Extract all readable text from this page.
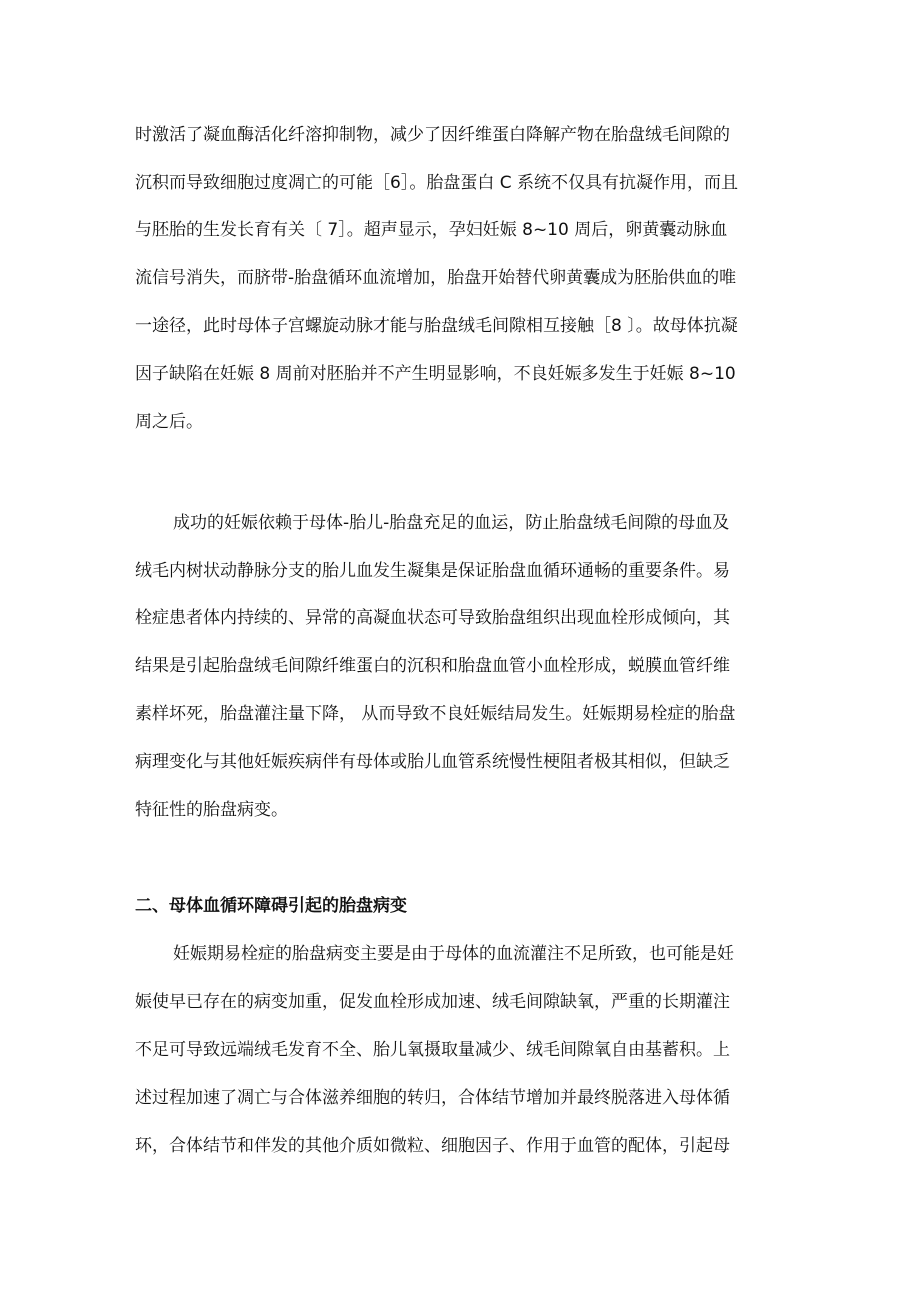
时激活了凝血酶活化纤溶抑制物，减少了因纤维蛋白降解产物在胎盘绒毛间隙的
沉积而导致细胞过度凋亡的可能［6］。胎盘蛋白 C 系统不仅具有抗凝作用，而且
与胚胎的生发长育有关〔 7］。超声显示，孕妇妊娠 8~10 周后，卵黄囊动脉血
流信号消失，而脐带-胎盘循环血流增加，胎盘开始替代卵黄囊成为胚胎供血的唯
一途径，此时母体子宫螺旋动脉才能与胎盘绒毛间隙相互接触［8 〕。故母体抗凝
因子缺陷在妊娠 8 周前对胚胎并不产生明显影响，不良妊娠多发生于妊娠 8~10
周之后。
成功的妊娠依赖于母体-胎儿-胎盘充足的血运，防止胎盘绒毛间隙的母血及
绒毛内树状动静脉分支的胎儿血发生凝集是保证胎盘血循环通畅的重要条件。易
栓症患者体内持续的、异常的高凝血状态可导致胎盘组织出现血栓形成倾向，其
结果是引起胎盘绒毛间隙纤维蛋白的沉积和胎盘血管小血栓形成，蜕膜血管纤维
素样坏死，胎盘灌注量下降， 从而导致不良妊娠结局发生。妊娠期易栓症的胎盘
病理变化与其他妊娠疾病伴有母体或胎儿血管系统慢性梗阻者极其相似，但缺乏
特征性的胎盘病变。
二、母体血循环障碍引起的胎盘病变
妊娠期易栓症的胎盘病变主要是由于母体的血流灌注不足所致，也可能是妊
娠使早已存在的病变加重，促发血栓形成加速、绒毛间隙缺氧，严重的长期灌注
不足可导致远端绒毛发育不全、胎儿氧摄取量减少、绒毛间隙氧自由基蓄积。上
述过程加速了凋亡与合体滋养细胞的转归，合体结节增加并最终脱落进入母体循
环，合体结节和伴发的其他介质如微粒、细胞因子、作用于血管的配体，引起母
